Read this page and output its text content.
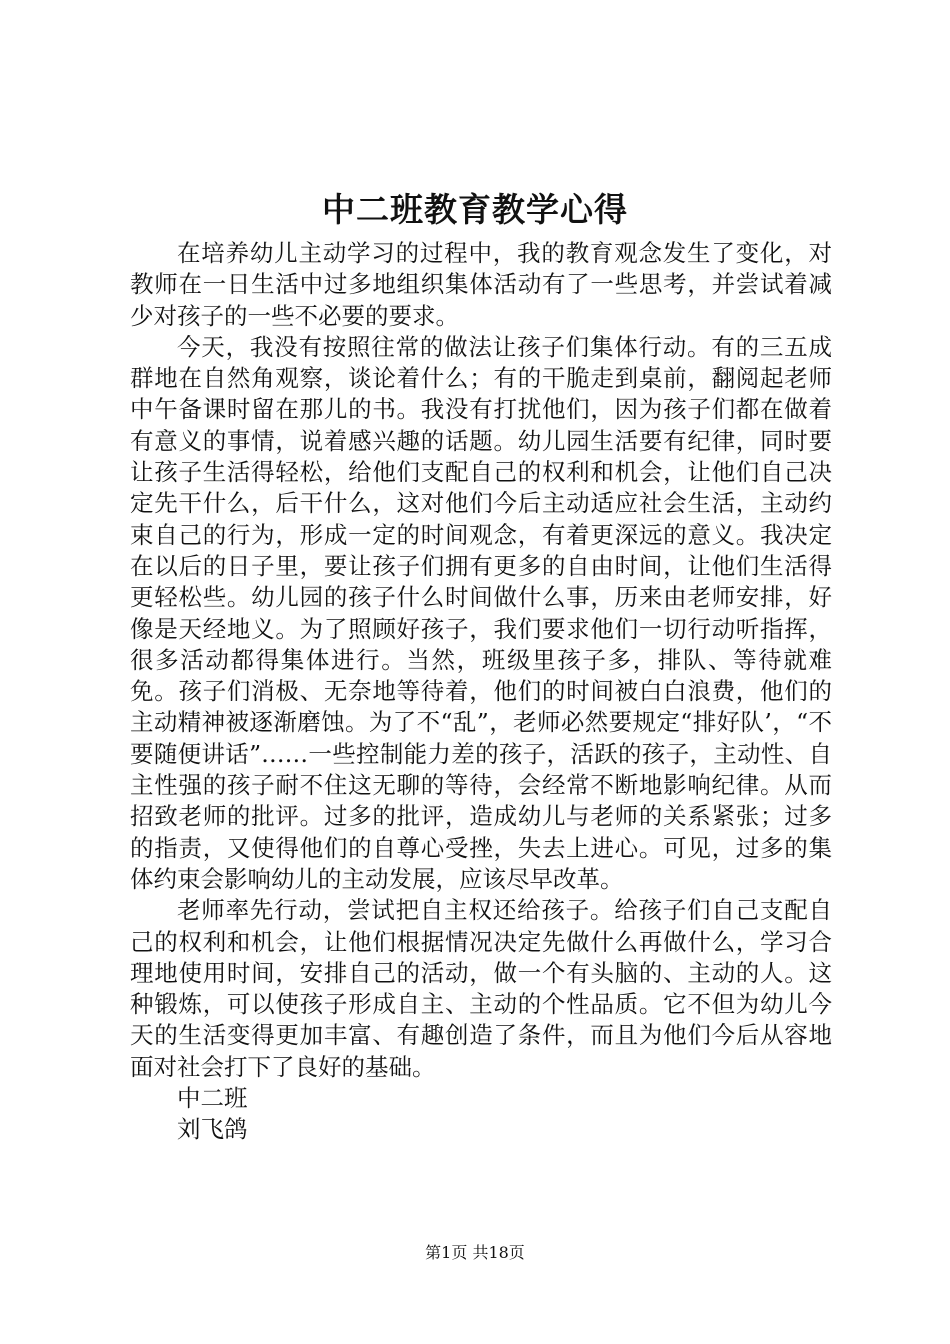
中二班教育教学心得

在培养幼儿主动学习的过程中，我的教育观念发生了变化，对教师在一日生活中过多地组织集体活动有了一些思考，并尝试着减少对孩子的一些不必要的要求。

今天，我没有按照往常的做法让孩子们集体行动。有的三五成群地在自然角观察，谈论着什么；有的干脆走到桌前，翻阅起老师中午备课时留在那儿的书。我没有打扰他们，因为孩子们都在做着有意义的事情，说着感兴趣的话题。幼儿园生活要有纪律，同时要让孩子生活得轻松，给他们支配自己的权利和机会，让他们自己决定先干什么，后干什么，这对他们今后主动适应社会生活，主动约束自己的行为，形成一定的时间观念，有着更深远的意义。我决定在以后的日子里，要让孩子们拥有更多的自由时间，让他们生活得更轻松些。幼儿园的孩子什么时间做什么事，历来由老师安排，好像是天经地义。为了照顾好孩子，我们要求他们一切行动听指挥，很多活动都得集体进行。当然，班级里孩子多，排队、等待就难免。孩子们消极、无奈地等待着，他们的时间被白白浪费，他们的主动精神被逐渐磨蚀。为了不“乱”，老师必然要规定“排好队’，“不要随便讲话”……一些控制能力差的孩子，活跃的孩子，主动性、自主性强的孩子耐不住这无聊的等待，会经常不断地影响纪律。从而招致老师的批评。过多的批评，造成幼儿与老师的关系紧张；过多的指责，又使得他们的自尊心受挫，失去上进心。可见，过多的集体约束会影响幼儿的主动发展，应该尽早改革。

老师率先行动，尝试把自主权还给孩子。给孩子们自己支配自己的权利和机会，让他们根据情况决定先做什么再做什么，学习合理地使用时间，安排自己的活动，做一个有头脑的、主动的人。这种锻炼，可以使孩子形成自主、主动的个性品质。它不但为幼儿今天的生活变得更加丰富、有趣创造了条件，而且为他们今后从容地面对社会打下了良好的基础。

中二班
刘飞鸽
第1页 共18页
